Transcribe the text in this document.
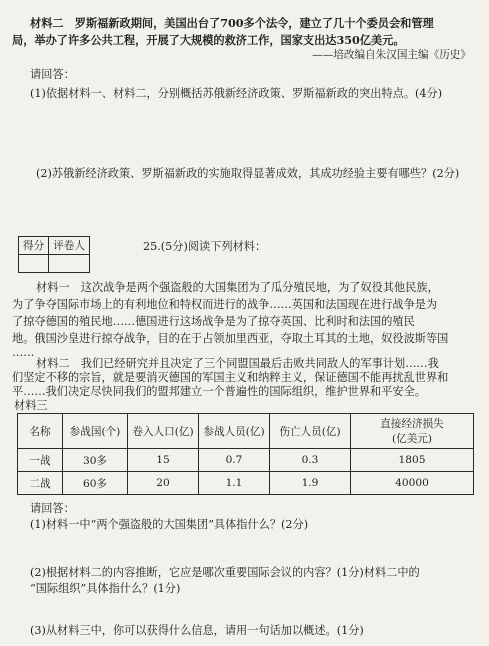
材料二　罗斯福新政期间，美国出台了700多个法令，建立了几十个委员会和管理
局，举办了许多公共工程，开展了大规模的救济工作，国家支出达350亿美元。
——培改编自朱汉国主编《历史》
请回答：
(1)依据材料一、材料二，分别概括苏俄新经济政策、罗斯福新政的突出特点。(4分)
(2)苏俄新经济政策、罗斯福新政的实施取得显著成效，其成功经验主要有哪些？(2分)
得分	评卷人
		25.(5分)阅读下列材料：
材料一　这次战争是两个强盗般的大国集团为了瓜分殖民地，为了奴役其他民族，
为了争夺国际市场上的有利地位和特权而进行的战争……英国和法国现在进行战争是为
了掠夺德国的殖民地……德国进行这场战争是为了掠夺英国、比利时和法国的殖民
地。俄国沙皇进行掠夺战争，目的在于占领加里西亚，夺取土耳其的土地，奴役波斯等国
……
材料二　我们已经研究并且决定了三个同盟国最后击败共同敌人的军事计划……我
们坚定不移的宗旨，就是要消灭德国的军国主义和纳粹主义，保证德国不能再扰乱世界和
平……我们决定尽快同我们的盟邦建立一个普遍性的国际组织，维护世界和平安全。
材料三
名称	参战国(个)	卷入人口(亿)	参战人员(亿)	伤亡人员(亿)	直接经济损失
(亿美元)

一战	30多	15	0.7	0.3	1805
二战	60多	20	1.1	1.9	40000
请回答：
(1)材料一中“两个强盗般的大国集团”具体指什么？(2分)
(2)根据材料二的内容推断，它应是哪次重要国际会议的内容？(1分)材料二中的
“国际组织”具体指什么？(1分)
(3)从材料三中，你可以获得什么信息，请用一句话加以概述。(1分)
